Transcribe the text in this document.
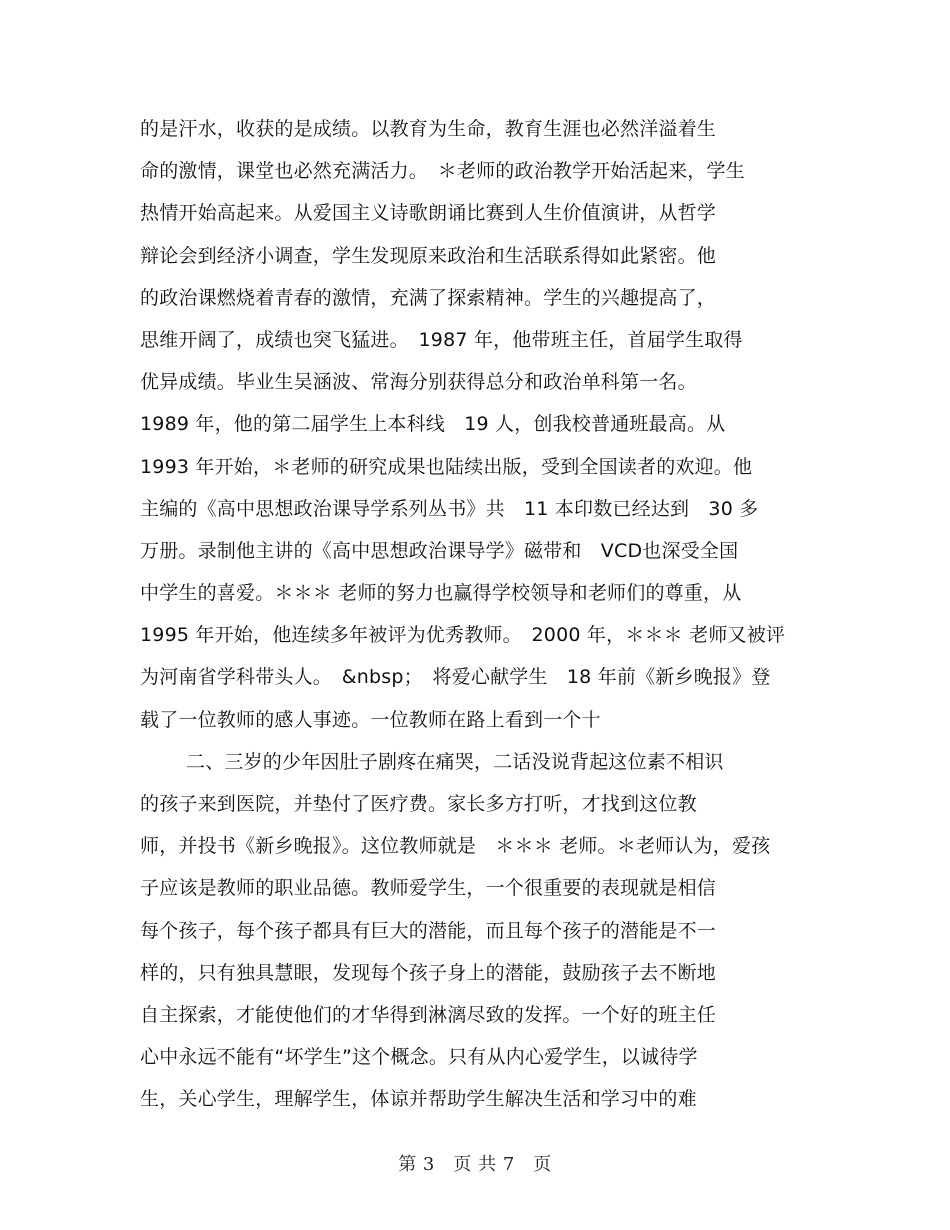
的是汗水，收获的是成绩。以教育为生命，教育生涯也必然洋溢着生
命的激情，课堂也必然充满活力。　＊老师的政治教学开始活起来，学生
热情开始高起来。从爱国主义诗歌朗诵比赛到人生价值演讲，从哲学
辩论会到经济小调查，学生发现原来政治和生活联系得如此紧密。他
的政治课燃烧着青春的激情，充满了探索精神。学生的兴趣提高了，
思维开阔了，成绩也突飞猛进。　1987 年，他带班主任，首届学生取得
优异成绩。毕业生吴涵波、常海分别获得总分和政治单科第一名。
1989 年，他的第二届学生上本科线　19 人，创我校普通班最高。从
1993 年开始，＊老师的研究成果也陆续出版，受到全国读者的欢迎。他
主编的《高中思想政治课导学系列丛书》共　11 本印数已经达到　30 多
万册。录制他主讲的《高中思想政治课导学》磁带和　VCD也深受全国
中学生的喜爱。＊＊＊ 老师的努力也赢得学校领导和老师们的尊重，从
1995 年开始，他连续多年被评为优秀教师。　2000 年，＊＊＊ 老师又被评
为河南省学科带头人。　&nbsp；　将爱心献学生　18 年前《新乡晚报》登
载了一位教师的感人事迹。一位教师在路上看到一个十
二、三岁的少年因肚子剧疼在痛哭，二话没说背起这位素不相识
的孩子来到医院，并垫付了医疗费。家长多方打听，才找到这位教
师，并投书《新乡晚报》。这位教师就是　＊＊＊ 老师。＊老师认为，爱孩
子应该是教师的职业品德。教师爱学生，一个很重要的表现就是相信
每个孩子，每个孩子都具有巨大的潜能，而且每个孩子的潜能是不一
样的，只有独具慧眼，发现每个孩子身上的潜能，鼓励孩子去不断地
自主探索，才能使他们的才华得到淋漓尽致的发挥。一个好的班主任
心中永远不能有“坏学生”这个概念。只有从内心爱学生，以诚待学
生，关心学生，理解学生，体谅并帮助学生解决生活和学习中的难
第 3　页 共 7　页
